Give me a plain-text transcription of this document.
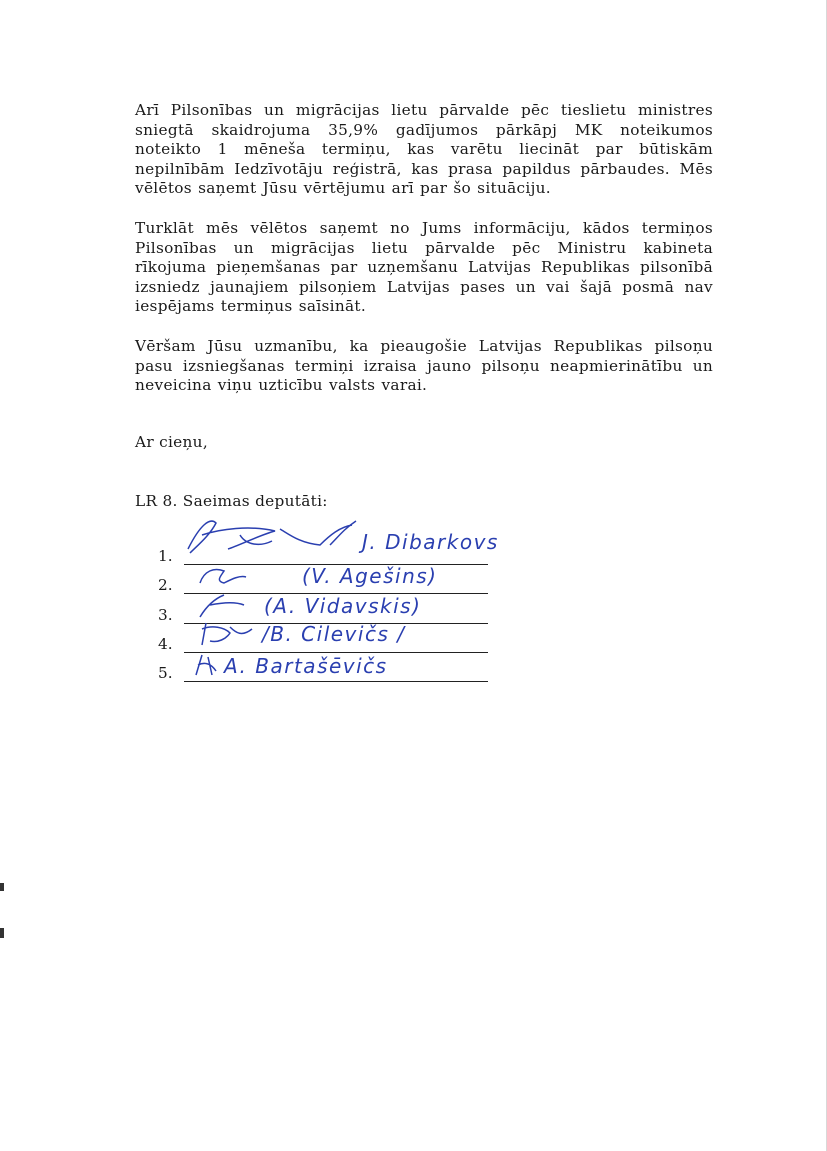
Arī Pilsonības un migrācijas lietu pārvalde pēc tieslietu ministres sniegtā skaidrojuma 35,9% gadījumos pārkāpj MK noteikumos noteikto 1 mēneša termiņu, kas varētu liecināt par būtiskām nepilnībām Iedzīvotāju reģistrā, kas prasa papildus pārbaudes. Mēs vēlētos saņemt Jūsu vērtējumu arī par šo situāciju.

Turklāt mēs vēlētos saņemt no Jums informāciju, kādos termiņos Pilsonības un migrācijas lietu pārvalde pēc Ministru kabineta rīkojuma pieņemšanas par uzņemšanu Latvijas Republikas pilsonībā izsniedz jaunajiem pilsoņiem Latvijas pases un vai šajā posmā nav iespējams termiņus saīsināt.

Vēršam Jūsu uzmanību, ka pieaugošie Latvijas Republikas pilsoņu pasu izsniegšanas termiņi izraisa jauno pilsoņu neapmierinātību un neveicina viņu uzticību valsts varai.

Ar cieņu,

LR 8. Saeimas deputāti:

1.
2.
3.
4.
5.
J. Dibarkovs
(V. Agešins)
(A. Vidavskis)
/B. Cilevičs /
A. Bartašēvičs
